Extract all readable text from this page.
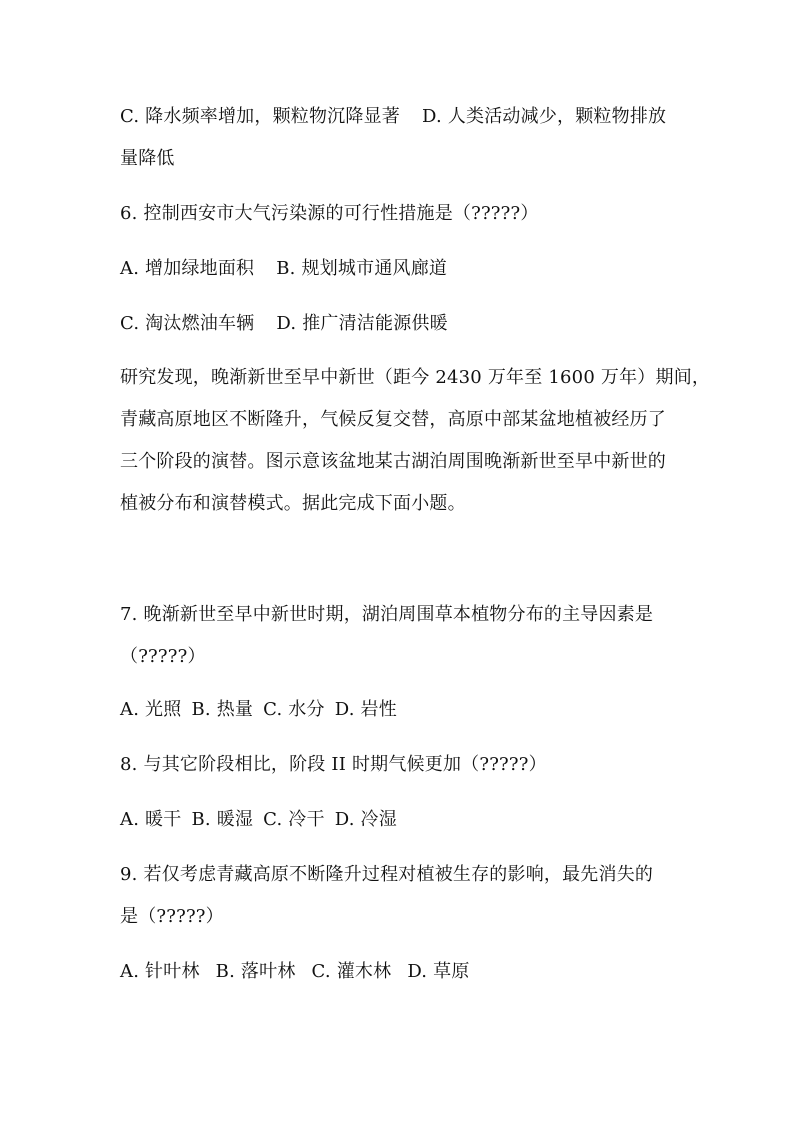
C. 降水频率增加，颗粒物沉降显著 D. 人类活动减少，颗粒物排放
量降低
6. 控制西安市大气污染源的可行性措施是（?????）
A. 增加绿地面积 B. 规划城市通风廊道
C. 淘汰燃油车辆 D. 推广清洁能源供暖
研究发现，晚渐新世至早中新世（距今 2430 万年至 1600 万年）期间，
青藏高原地区不断隆升，气候反复交替，高原中部某盆地植被经历了
三个阶段的演替。图示意该盆地某古湖泊周围晚渐新世至早中新世的
植被分布和演替模式。据此完成下面小题。
7. 晚渐新世至早中新世时期，湖泊周围草本植物分布的主导因素是
（?????）
A. 光照 B. 热量 C. 水分 D. 岩性
8. 与其它阶段相比，阶段 II 时期气候更加（?????）
A. 暖干 B. 暖湿 C. 冷干 D. 冷湿
9. 若仅考虑青藏高原不断隆升过程对植被生存的影响，最先消失的
是（?????）
A. 针叶林 B. 落叶林 C. 灌木林 D. 草原
